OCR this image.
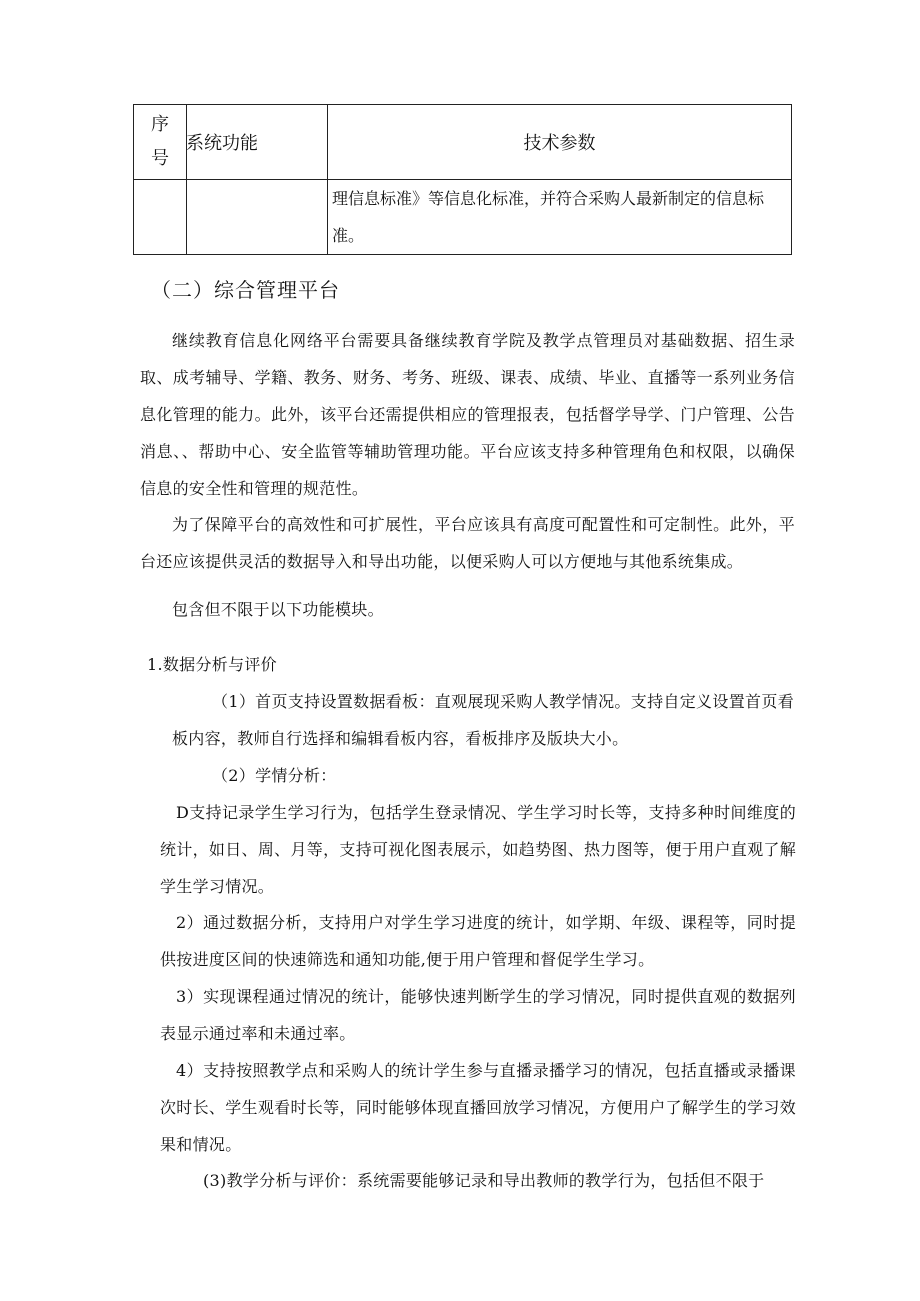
序号	系统功能	技术参数
		理信息标准》等信息化标准，并符合采购人最新制定的信息标准。
（二）综合管理平台

继续教育信息化网络平台需要具备继续教育学院及教学点管理员对基础数据、招生录取、成考辅导、学籍、教务、财务、考务、班级、课表、成绩、毕业、直播等一系列业务信息化管理的能力。此外，该平台还需提供相应的管理报表，包括督学导学、门户管理、公告消息、、帮助中心、安全监管等辅助管理功能。平台应该支持多种管理角色和权限，以确保信息的安全性和管理的规范性。

为了保障平台的高效性和可扩展性，平台应该具有高度可配置性和可定制性。此外，平台还应该提供灵活的数据导入和导出功能，以便采购人可以方便地与其他系统集成。

包含但不限于以下功能模块。

1.数据分析与评价

（1）首页支持设置数据看板：直观展现采购人教学情况。支持自定义设置首页看板内容，教师自行选择和编辑看板内容，看板排序及版块大小。

（2）学情分析：

D支持记录学生学习行为，包括学生登录情况、学生学习时长等，支持多种时间维度的统计，如日、周、月等，支持可视化图表展示，如趋势图、热力图等，便于用户直观了解学生学习情况。

2）通过数据分析，支持用户对学生学习进度的统计，如学期、年级、课程等，同时提供按进度区间的快速筛选和通知功能,便于用户管理和督促学生学习。

3）实现课程通过情况的统计，能够快速判断学生的学习情况，同时提供直观的数据列表显示通过率和未通过率。

4）支持按照教学点和采购人的统计学生参与直播录播学习的情况，包括直播或录播课次时长、学生观看时长等，同时能够体现直播回放学习情况，方便用户了解学生的学习效果和情况。

(3)教学分析与评价：系统需要能够记录和导出教师的教学行为，包括但不限于
